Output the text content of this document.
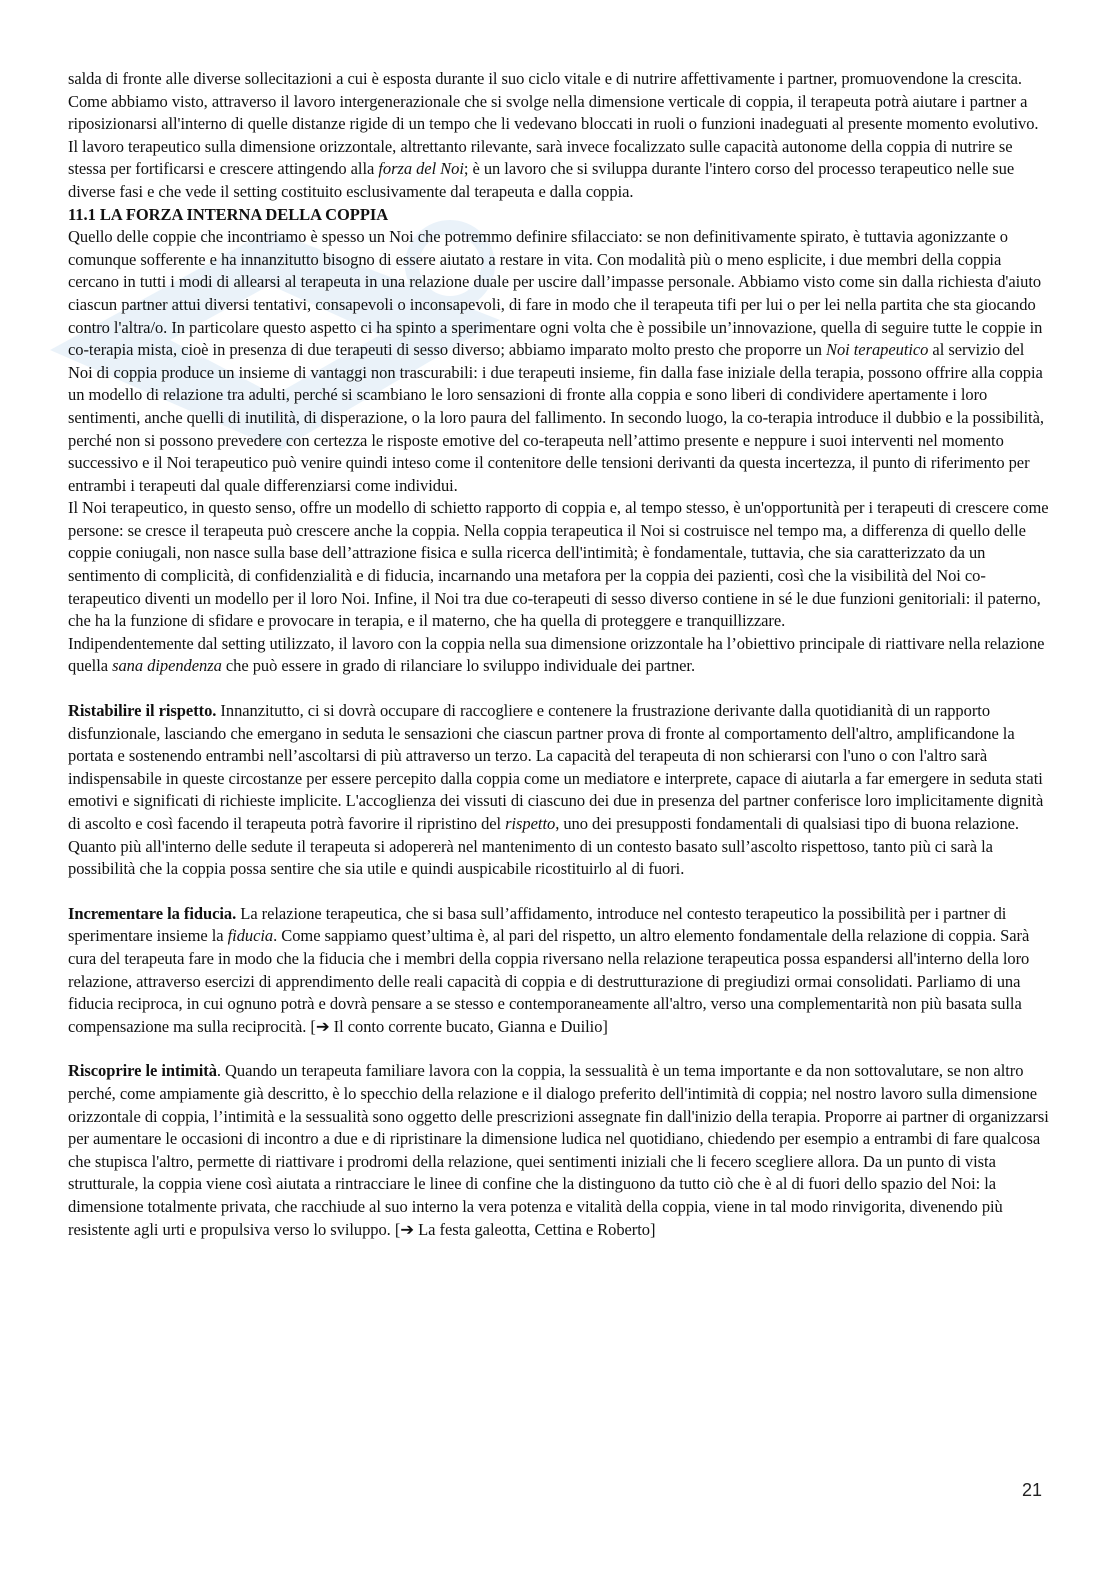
salda di fronte alle diverse sollecitazioni a cui è esposta durante il suo ciclo vitale e di nutrire affettivamente i partner, promuovendone la crescita. Come abbiamo visto, attraverso il lavoro intergenerazionale che si svolge nella dimensione verticale di coppia, il terapeuta potrà aiutare i partner a riposizionarsi all'interno di quelle distanze rigide di un tempo che li vedevano bloccati in ruoli o funzioni inadeguati al presente momento evolutivo. Il lavoro terapeutico sulla dimensione orizzontale, altrettanto rilevante, sarà invece focalizzato sulle capacità autonome della coppia di nutrire se stessa per fortificarsi e crescere attingendo alla forza del Noi; è un lavoro che si sviluppa durante l'intero corso del processo terapeutico nelle sue diverse fasi e che vede il setting costituito esclusivamente dal terapeuta e dalla coppia.

11.1 LA FORZA INTERNA DELLA COPPIA

Quello delle coppie che incontriamo è spesso un Noi che potremmo definire sfilacciato: se non definitivamente spirato, è tuttavia agonizzante o comunque sofferente e ha innanzitutto bisogno di essere aiutato a restare in vita. Con modalità più o meno esplicite, i due membri della coppia cercano in tutti i modi di allearsi al terapeuta in una relazione duale per uscire dall’impasse personale. Abbiamo visto come sin dalla richiesta d'aiuto ciascun partner attui diversi tentativi, consapevoli o inconsapevoli, di fare in modo che il terapeuta tifi per lui o per lei nella partita che sta giocando contro l'altra/o. In particolare questo aspetto ci ha spinto a sperimentare ogni volta che è possibile un’innovazione, quella di seguire tutte le coppie in co-terapia mista, cioè in presenza di due terapeuti di sesso diverso; abbiamo imparato molto presto che proporre un Noi terapeutico al servizio del Noi di coppia produce un insieme di vantaggi non trascurabili: i due terapeuti insieme, fin dalla fase iniziale della terapia, possono offrire alla coppia un modello di relazione tra adulti, perché si scambiano le loro sensazioni di fronte alla coppia e sono liberi di condividere apertamente i loro sentimenti, anche quelli di inutilità, di disperazione, o la loro paura del fallimento. In secondo luogo, la co-terapia introduce il dubbio e la possibilità, perché non si possono prevedere con certezza le risposte emotive del co-terapeuta nell’attimo presente e neppure i suoi interventi nel momento successivo e il Noi terapeutico può venire quindi inteso come il contenitore delle tensioni derivanti da questa incertezza, il punto di riferimento per entrambi i terapeuti dal quale differenziarsi come individui.

Il Noi terapeutico, in questo senso, offre un modello di schietto rapporto di coppia e, al tempo stesso, è un'opportunità per i terapeuti di crescere come persone: se cresce il terapeuta può crescere anche la coppia. Nella coppia terapeutica il Noi si costruisce nel tempo ma, a differenza di quello delle coppie coniugali, non nasce sulla base dell’attrazione fisica e sulla ricerca dell'intimità; è fondamentale, tuttavia, che sia caratterizzato da un sentimento di complicità, di confidenzialità e di fiducia, incarnando una metafora per la coppia dei pazienti, così che la visibilità del Noi co-terapeutico diventi un modello per il loro Noi. Infine, il Noi tra due co-terapeuti di sesso diverso contiene in sé le due funzioni genitoriali: il paterno, che ha la funzione di sfidare e provocare in terapia, e il materno, che ha quella di proteggere e tranquillizzare.

Indipendentemente dal setting utilizzato, il lavoro con la coppia nella sua dimensione orizzontale ha l’obiettivo principale di riattivare nella relazione quella sana dipendenza che può essere in grado di rilanciare lo sviluppo individuale dei partner.

Ristabilire il rispetto. Innanzitutto, ci si dovrà occupare di raccogliere e contenere la frustrazione derivante dalla quotidianità di un rapporto disfunzionale, lasciando che emergano in seduta le sensazioni che ciascun partner prova di fronte al comportamento dell'altro, amplificandone la portata e sostenendo entrambi nell’ascoltarsi di più attraverso un terzo. La capacità del terapeuta di non schierarsi con l'uno o con l'altro sarà indispensabile in queste circostanze per essere percepito dalla coppia come un mediatore e interprete, capace di aiutarla a far emergere in seduta stati emotivi e significati di richieste implicite. L'accoglienza dei vissuti di ciascuno dei due in presenza del partner conferisce loro implicitamente dignità di ascolto e così facendo il terapeuta potrà favorire il ripristino del rispetto, uno dei presupposti fondamentali di qualsiasi tipo di buona relazione. Quanto più all'interno delle sedute il terapeuta si adopererà nel mantenimento di un contesto basato sull’ascolto rispettoso, tanto più ci sarà la possibilità che la coppia possa sentire che sia utile e quindi auspicabile ricostituirlo al di fuori.

Incrementare la fiducia. La relazione terapeutica, che si basa sull’affidamento, introduce nel contesto terapeutico la possibilità per i partner di sperimentare insieme la fiducia. Come sappiamo quest’ultima è, al pari del rispetto, un altro elemento fondamentale della relazione di coppia. Sarà cura del terapeuta fare in modo che la fiducia che i membri della coppia riversano nella relazione terapeutica possa espandersi all'interno della loro relazione, attraverso esercizi di apprendimento delle reali capacità di coppia e di destrutturazione di pregiudizi ormai consolidati. Parliamo di una fiducia reciproca, in cui ognuno potrà e dovrà pensare a se stesso e contemporaneamente all'altro, verso una complementarità non più basata sulla compensazione ma sulla reciprocità. [➔ Il conto corrente bucato, Gianna e Duilio]

Riscoprire le intimità. Quando un terapeuta familiare lavora con la coppia, la sessualità è un tema importante e da non sottovalutare, se non altro perché, come ampiamente già descritto, è lo specchio della relazione e il dialogo preferito dell'intimità di coppia; nel nostro lavoro sulla dimensione orizzontale di coppia, l’intimità e la sessualità sono oggetto delle prescrizioni assegnate fin dall'inizio della terapia. Proporre ai partner di organizzarsi per aumentare le occasioni di incontro a due e di ripristinare la dimensione ludica nel quotidiano, chiedendo per esempio a entrambi di fare qualcosa che stupisca l'altro, permette di riattivare i prodromi della relazione, quei sentimenti iniziali che li fecero scegliere allora. Da un punto di vista strutturale, la coppia viene così aiutata a rintracciare le linee di confine che la distinguono da tutto ciò che è al di fuori dello spazio del Noi: la dimensione totalmente privata, che racchiude al suo interno la vera potenza e vitalità della coppia, viene in tal modo rinvigorita, divenendo più resistente agli urti e propulsiva verso lo sviluppo. [➔ La festa galeotta, Cettina e Roberto]

21
